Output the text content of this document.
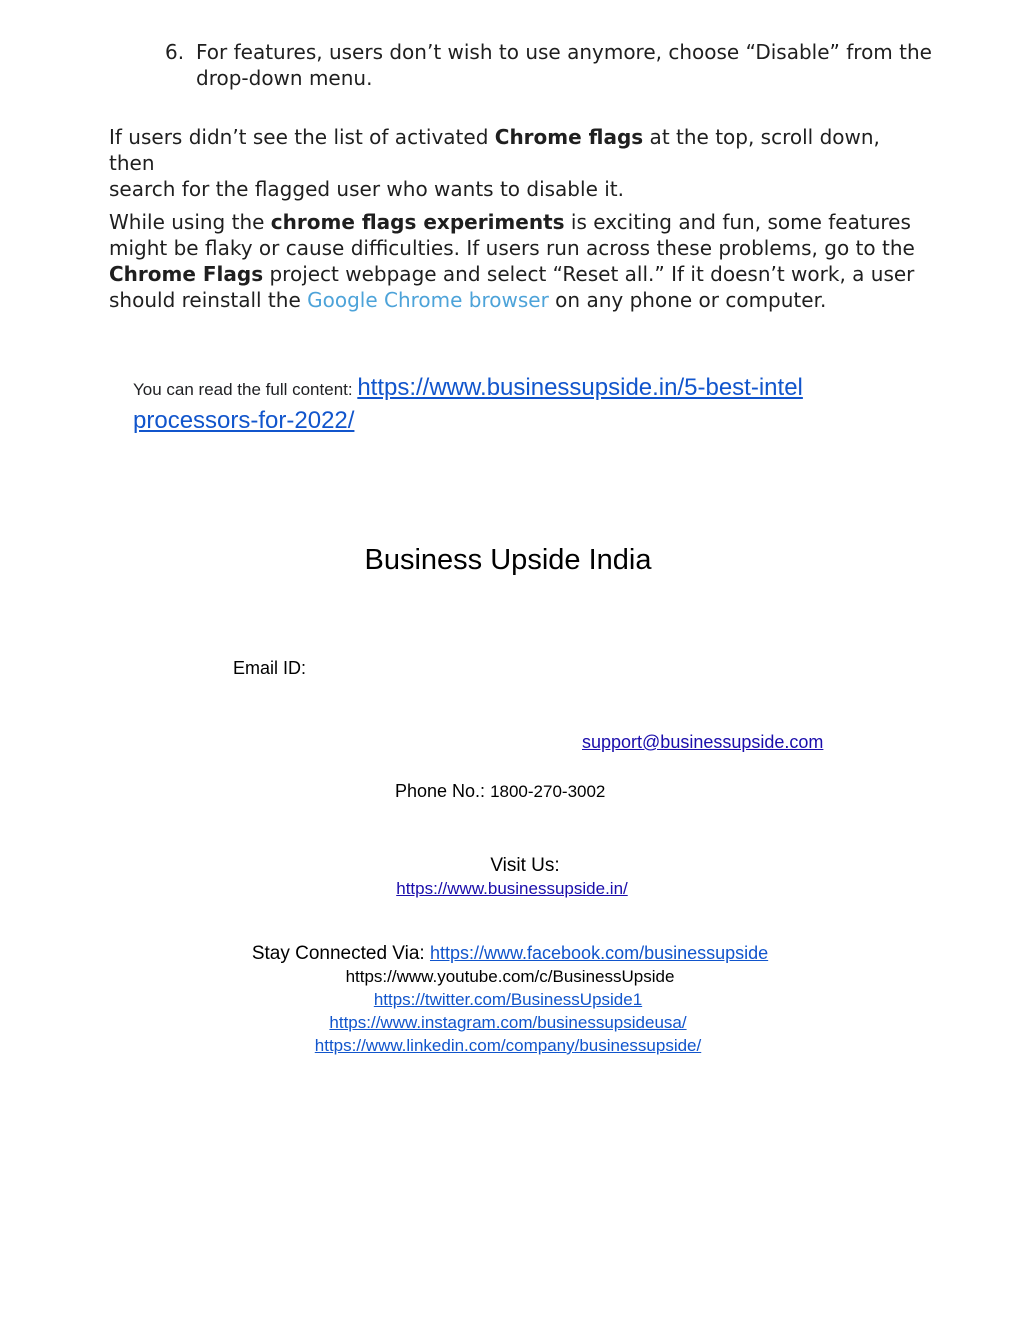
6. For features, users don’t wish to use anymore, choose “Disable” from the
drop-down menu.
If users didn’t see the list of activated Chrome flags at the top, scroll down, then
search for the flagged user who wants to disable it.
While using the chrome flags experiments is exciting and fun, some features
might be flaky or cause difficulties. If users run across these problems, go to the
Chrome Flags project webpage and select “Reset all.” If it doesn’t work, a user
should reinstall the Google Chrome browser on any phone or computer.
You can read the full content: https://www.businessupside.in/5-best-intel
processors-for-2022/
Business Upside India
Email ID:
support@businessupside.com
Phone No.: 1800-270-3002
Visit Us:
https://www.businessupside.in/
Stay Connected Via: https://www.facebook.com/businessupside
https://www.youtube.com/c/BusinessUpside
https://twitter.com/BusinessUpside1
https://www.instagram.com/businessupsideusa/
https://www.linkedin.com/company/businessupside/
